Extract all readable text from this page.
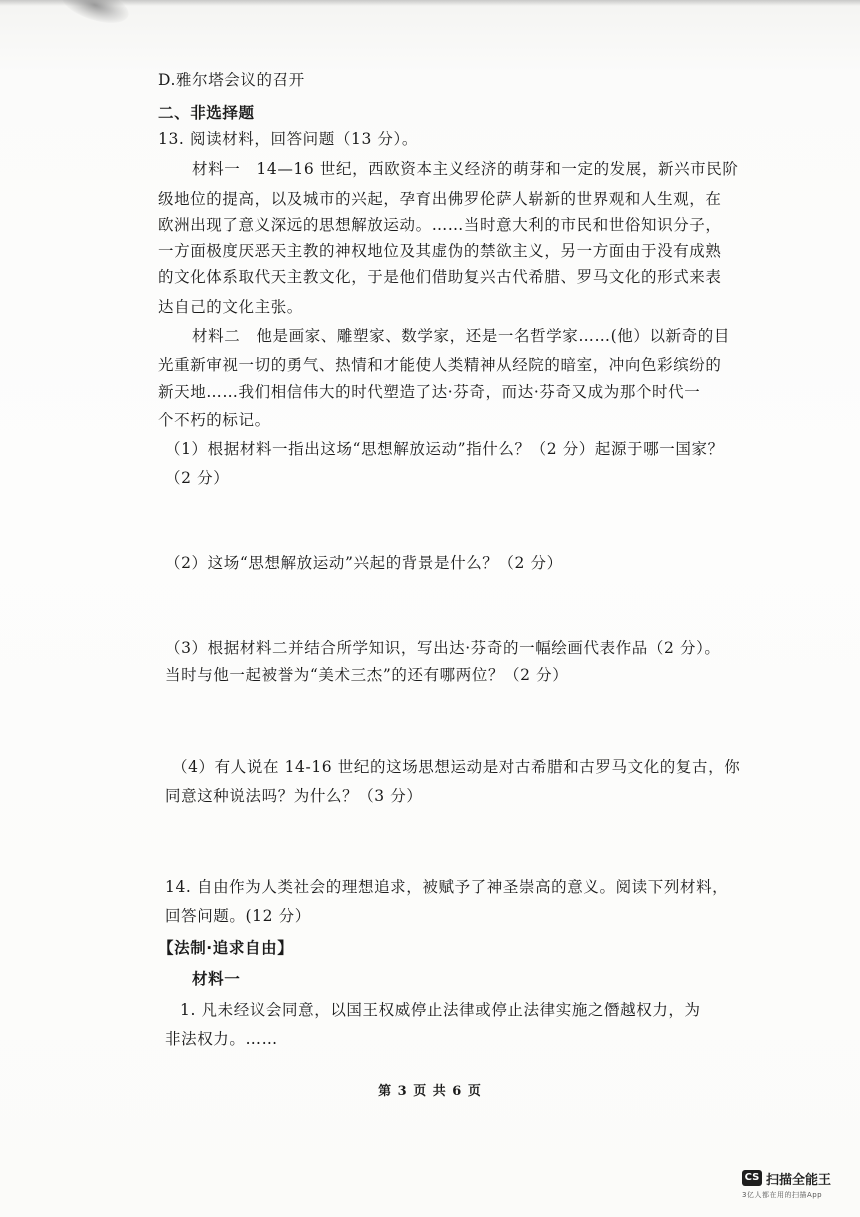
D.雅尔塔会议的召开
二、非选择题
13. 阅读材料，回答问题（13 分）。
材料一　14—16 世纪，西欧资本主义经济的萌芽和一定的发展，新兴市民阶
级地位的提高，以及城市的兴起，孕育出佛罗伦萨人崭新的世界观和人生观，在
欧洲出现了意义深远的思想解放运动。……当时意大利的市民和世俗知识分子，
一方面极度厌恶天主教的神权地位及其虚伪的禁欲主义，另一方面由于没有成熟
的文化体系取代天主教文化，于是他们借助复兴古代希腊、罗马文化的形式来表
达自己的文化主张。
材料二　他是画家、雕塑家、数学家，还是一名哲学家……(他）以新奇的目
光重新审视一切的勇气、热情和才能使人类精神从经院的暗室，冲向色彩缤纷的
新天地……我们相信伟大的时代塑造了达·芬奇，而达·芬奇又成为那个时代一
个不朽的标记。
（1）根据材料一指出这场“思想解放运动”指什么？（2 分）起源于哪一国家？
（2 分）
（2）这场“思想解放运动”兴起的背景是什么？（2 分）
（3）根据材料二并结合所学知识，写出达·芬奇的一幅绘画代表作品（2 分）。
当时与他一起被誉为“美术三杰”的还有哪两位？（2 分）
（4）有人说在 14-16 世纪的这场思想运动是对古希腊和古罗马文化的复古，你
同意这种说法吗？为什么？（3 分）
14. 自由作为人类社会的理想追求，被赋予了神圣崇高的意义。阅读下列材料，
回答问题。(12 分）
【法制·追求自由】
材料一
1. 凡未经议会同意，以国王权威停止法律或停止法律实施之僭越权力，为
非法权力。……
第 3 页 共 6 页
CS 扫描全能王
3亿人都在用的扫描App
